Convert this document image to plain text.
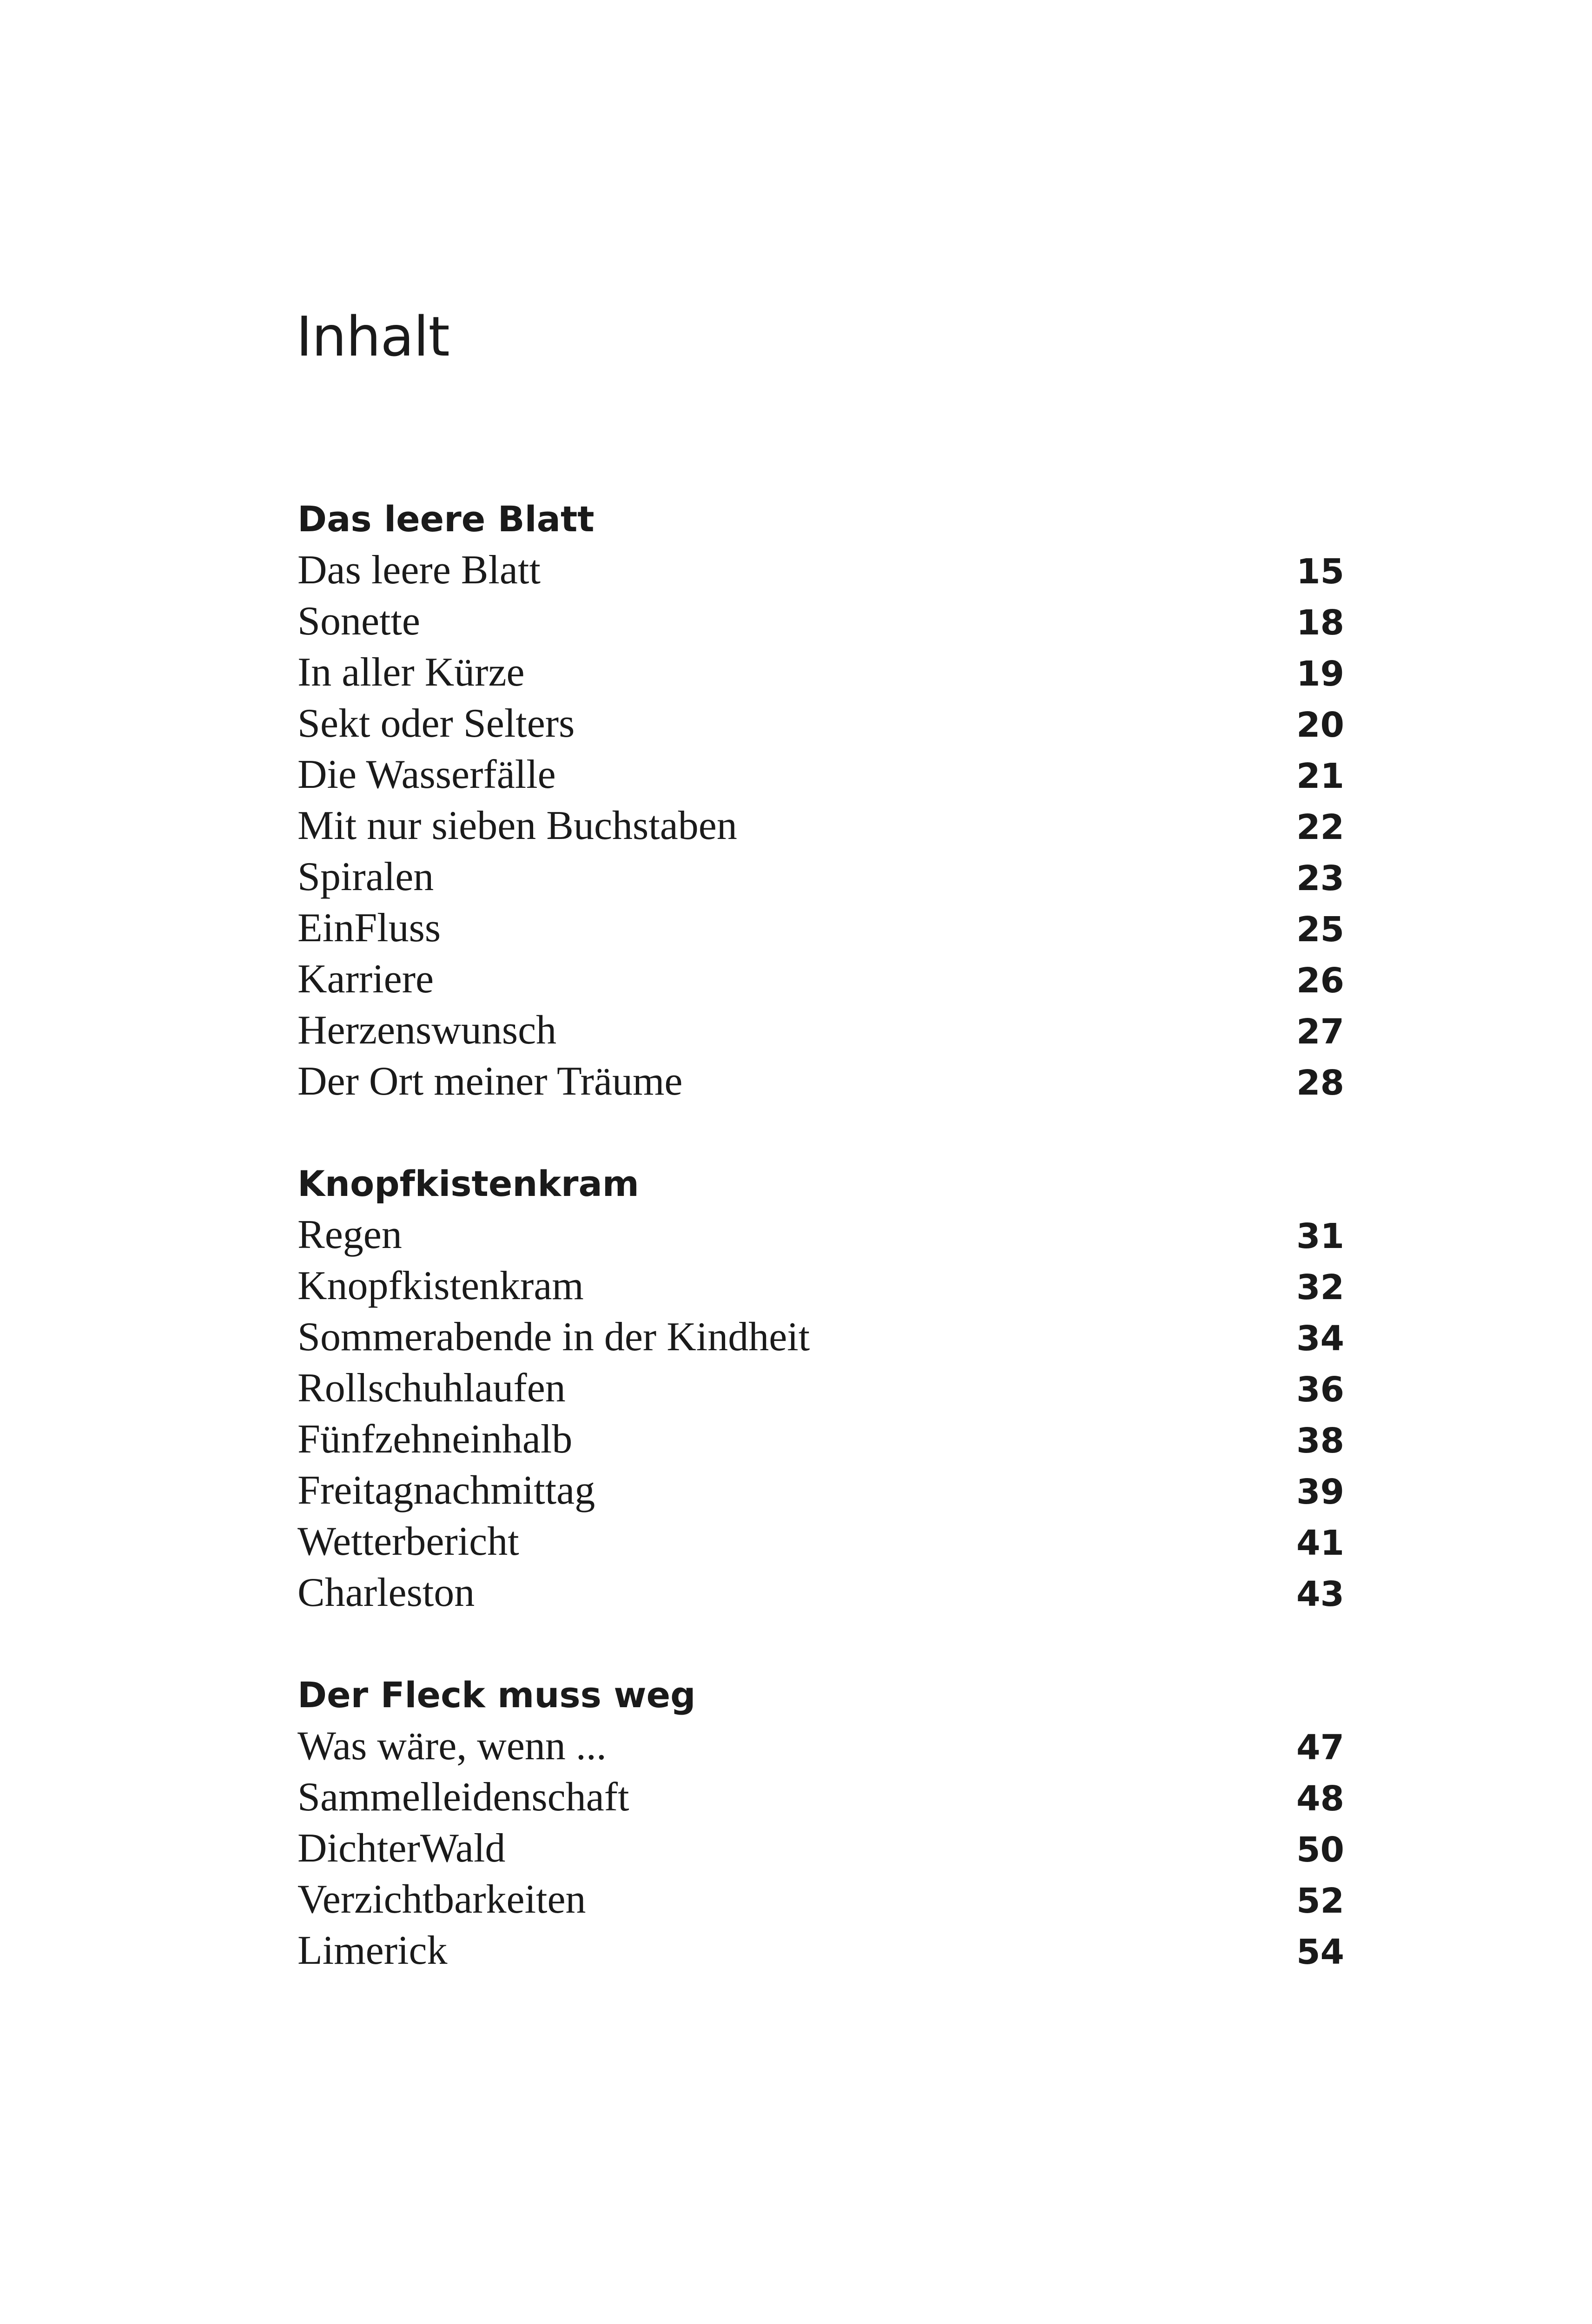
Inhalt
Das leere Blatt
Das leere Blatt	15
Sonette	18
In aller Kürze	19
Sekt oder Selters	20
Die Wasserfälle	21
Mit nur sieben Buchstaben	22
Spiralen	23
EinFluss	25
Karriere	26
Herzenswunsch	27
Der Ort meiner Träume	28
Knopfkistenkram
Regen	31
Knopfkistenkram	32
Sommerabende in der Kindheit	34
Rollschuhlaufen	36
Fünfzehneinhalb	38
Freitagnachmittag	39
Wetterbericht	41
Charleston	43
Der Fleck muss weg
Was wäre, wenn ...	47
Sammelleidenschaft	48
DichterWald	50
Verzichtbarkeiten	52
Limerick	54
